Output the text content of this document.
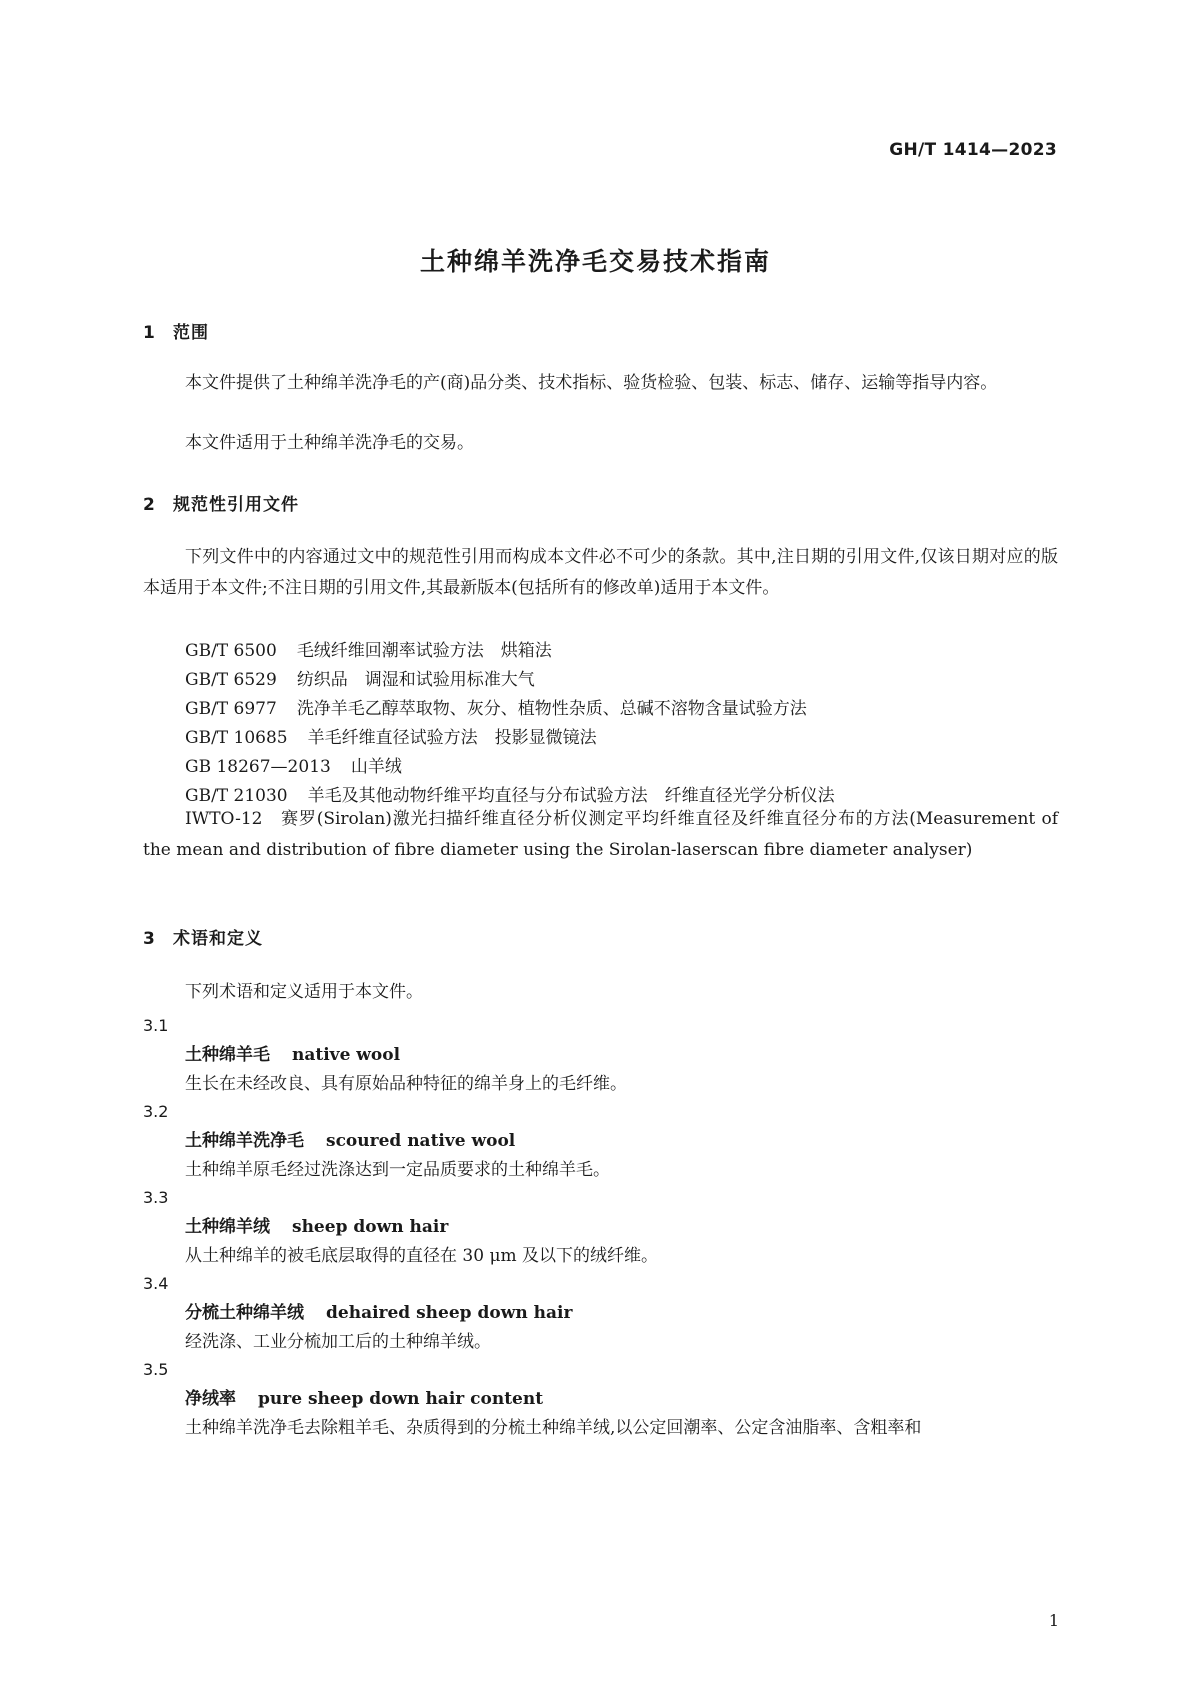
GH/T 1414—2023
土种绵羊洗净毛交易技术指南
1 范围
本文件提供了土种绵羊洗净毛的产(商)品分类、技术指标、验货检验、包装、标志、储存、运输等指导内容。
本文件适用于土种绵羊洗净毛的交易。
2 规范性引用文件
下列文件中的内容通过文中的规范性引用而构成本文件必不可少的条款。其中,注日期的引用文件,仅该日期对应的版本适用于本文件;不注日期的引用文件,其最新版本(包括所有的修改单)适用于本文件。
GB/T 6500 毛绒纤维回潮率试验方法　烘箱法
GB/T 6529 纺织品　调湿和试验用标准大气
GB/T 6977 洗净羊毛乙醇萃取物、灰分、植物性杂质、总碱不溶物含量试验方法
GB/T 10685 羊毛纤维直径试验方法　投影显微镜法
GB 18267—2013 山羊绒
GB/T 21030 羊毛及其他动物纤维平均直径与分布试验方法　纤维直径光学分析仪法
IWTO-12　赛罗(Sirolan)激光扫描纤维直径分析仪测定平均纤维直径及纤维直径分布的方法(Measurement of the mean and distribution of fibre diameter using the Sirolan-laserscan fibre diameter analyser)
3 术语和定义
下列术语和定义适用于本文件。
3.1
土种绵羊毛 native wool
生长在未经改良、具有原始品种特征的绵羊身上的毛纤维。
3.2
土种绵羊洗净毛 scoured native wool
土种绵羊原毛经过洗涤达到一定品质要求的土种绵羊毛。
3.3
土种绵羊绒 sheep down hair
从土种绵羊的被毛底层取得的直径在 30 μm 及以下的绒纤维。
3.4
分梳土种绵羊绒 dehaired sheep down hair
经洗涤、工业分梳加工后的土种绵羊绒。
3.5
净绒率 pure sheep down hair content
土种绵羊洗净毛去除粗羊毛、杂质得到的分梳土种绵羊绒,以公定回潮率、公定含油脂率、含粗率和
1
